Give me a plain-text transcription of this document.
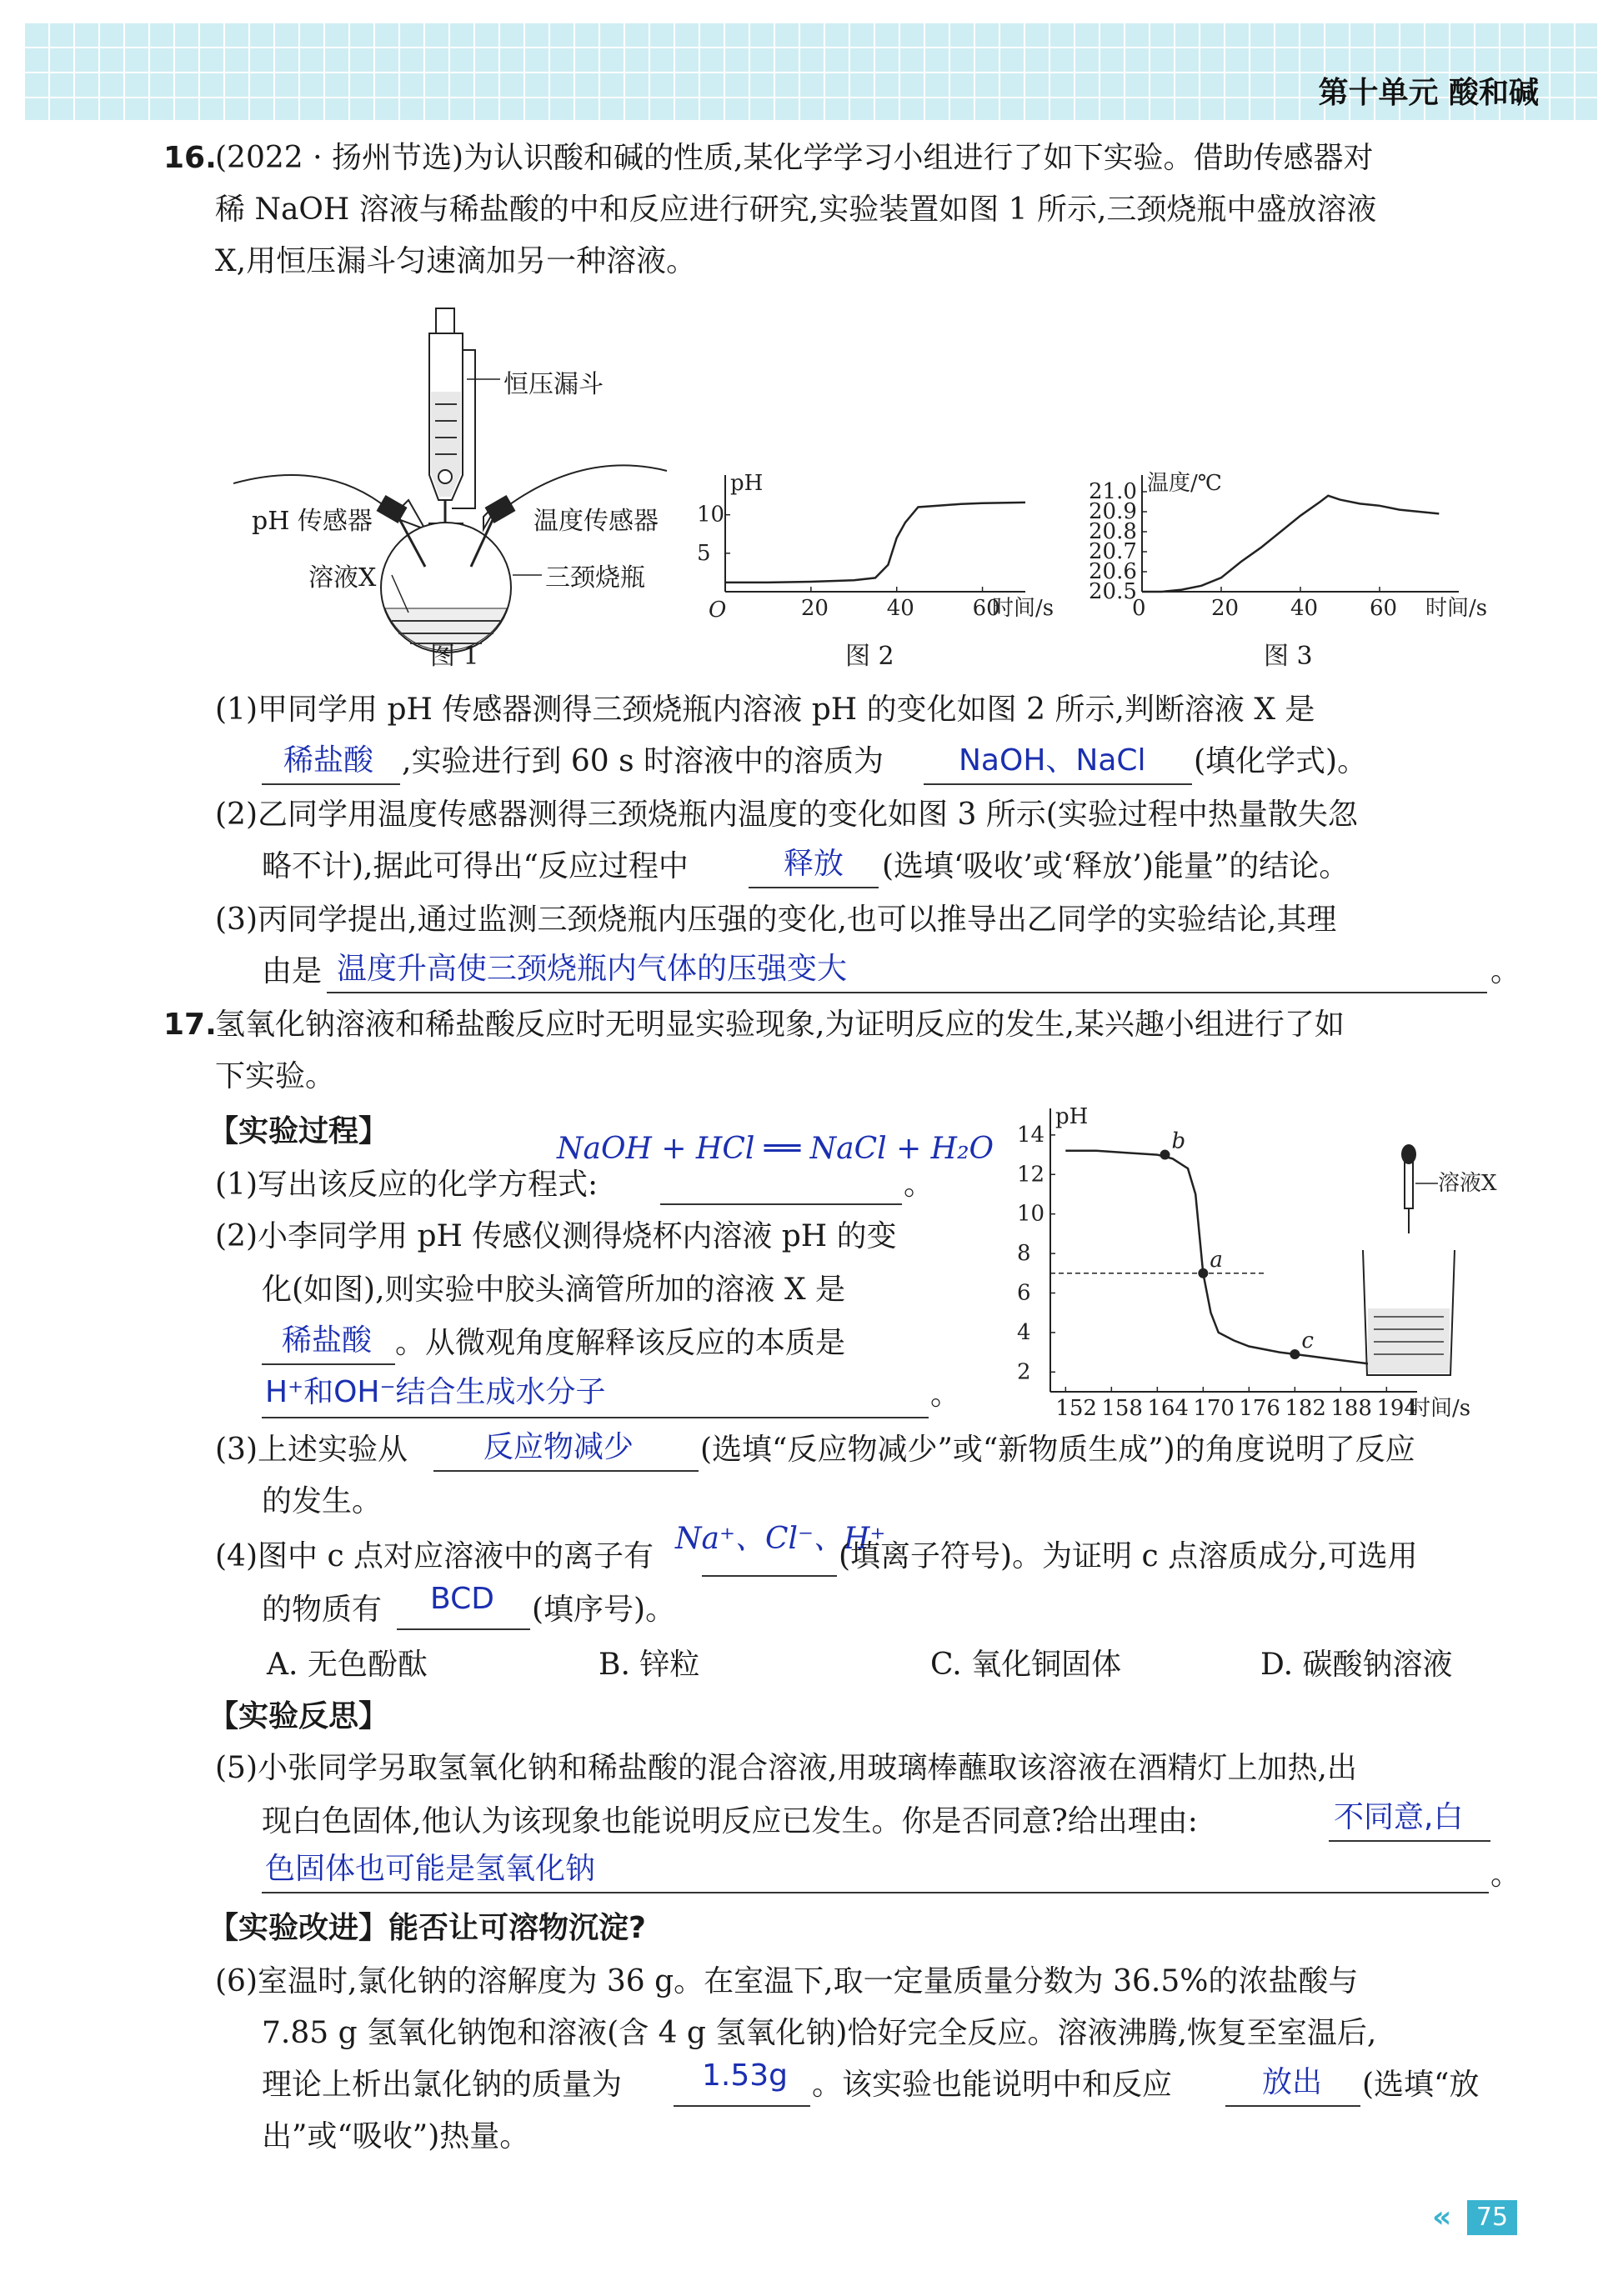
第十单元 酸和碱
16.
(2022 · 扬州节选)为认识酸和碱的性质,某化学学习小组进行了如下实验。借助传感器对
稀 NaOH 溶液与稀盐酸的中和反应进行研究,实验装置如图 1 所示,三颈烧瓶中盛放溶液
X,用恒压漏斗匀速滴加另一种溶液。
恒压漏斗
pH 传感器	温度传感器
溶液X	三颈烧瓶
图 1
pH
时间/s
20	40	60
5
10
O
图 2
温度/℃
时间/s
0	20 40 60
20.5
20.6
20.7
20.8
20.9
21.0
图 3
(1)甲同学用 pH 传感器测得三颈烧瓶内溶液 pH 的变化如图 2 所示,判断溶液 X 是
稀盐酸 ,实验进行到 60 s 时溶液中的溶质为 NaOH、NaCl (填化学式)。
(2)乙同学用温度传感器测得三颈烧瓶内温度的变化如图 3 所示(实验过程中热量散失忽
略不计),据此可得出“反应过程中	释放 (选填‘吸收’或‘释放’)能量”的结论。
(3)丙同学提出,通过监测三颈烧瓶内压强的变化,也可以推导出乙同学的实验结论,其理
由是 温度升高使三颈烧瓶内气体的压强变大	。
17.
氢氧化钠溶液和稀盐酸反应时无明显实验现象,为证明反应的发生,某兴趣小组进行了如
下实验。
【实验过程】
NaOH + HCl ══ NaCl + H₂O
(1)写出该反应的化学方程式:	。
(2)小李同学用 pH 传感仪测得烧杯内溶液 pH 的变
化(如图),则实验中胶头滴管所加的溶液 X 是
稀盐酸 。从微观角度解释该反应的本质是
H⁺和OH⁻结合生成水分子	。
pH
时间/s
152 158 164 170 176 182 188 194
2
4
6
8
10
12
14	b
a
c
溶液X
(3)上述实验从	反应物减少 (选填“反应物减少”或“新物质生成”)的角度说明了反应
的发生。
Na⁺、Cl⁻、H⁺
(4)图中 c 点对应溶液中的离子有	(填离子符号)。为证明 c 点溶质成分,可选用
的物质有 BCD (填序号)。
A. 无色酚酞	B. 锌粒	C. 氧化铜固体	D. 碳酸钠溶液
【实验反思】
(5)小张同学另取氢氧化钠和稀盐酸的混合溶液,用玻璃棒蘸取该溶液在酒精灯上加热,出
现白色固体,他认为该现象也能说明反应已发生。你是否同意?给出理由:	不同意,白
色固体也可能是氢氧化钠	。
【实验改进】能否让可溶物沉淀?
(6)室温时,氯化钠的溶解度为 36 g。在室温下,取一定量质量分数为 36.5%的浓盐酸与
7.85 g 氢氧化钠饱和溶液(含 4 g 氢氧化钠)恰好完全反应。溶液沸腾,恢复至室温后,
理论上析出氯化钠的质量为	1.53g 。该实验也能说明中和反应	放出 (选填“放
出”或“吸收”)热量。
« 75
